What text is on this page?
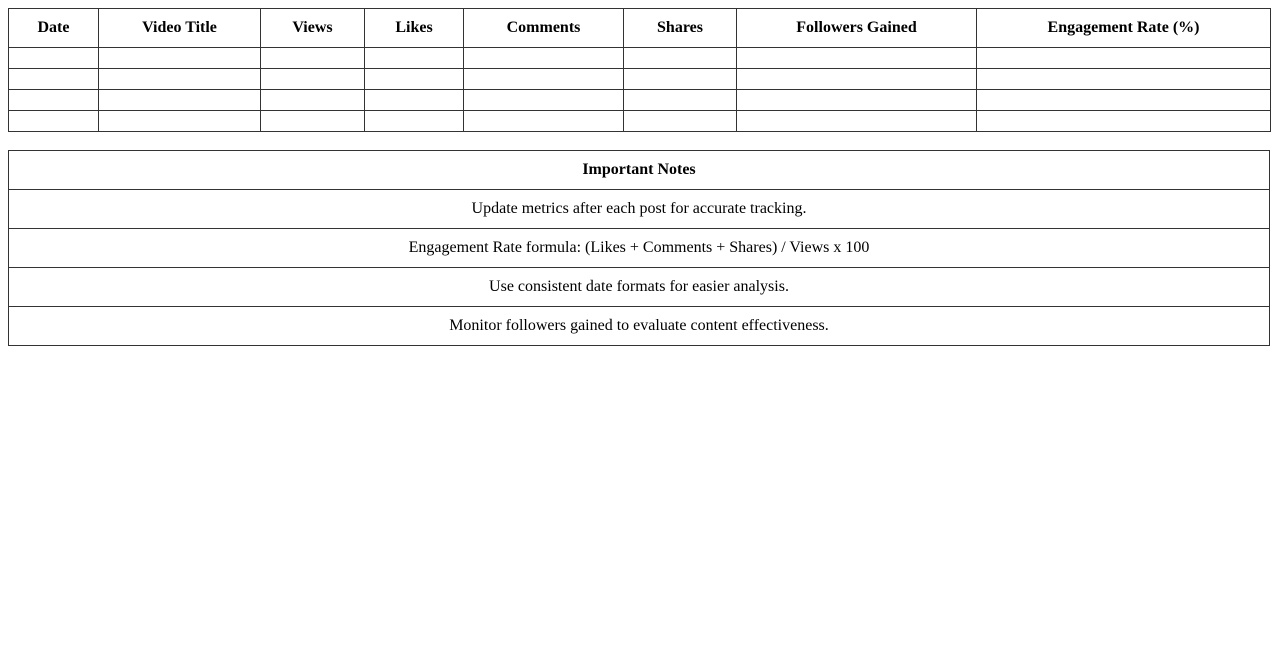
Date	Video Title	Views	Likes	Comments	Shares	Followers Gained	Engagement Rate (%)

Important Notes
Update metrics after each post for accurate tracking.
Engagement Rate formula: (Likes + Comments + Shares) / Views x 100
Use consistent date formats for easier analysis.
Monitor followers gained to evaluate content effectiveness.
